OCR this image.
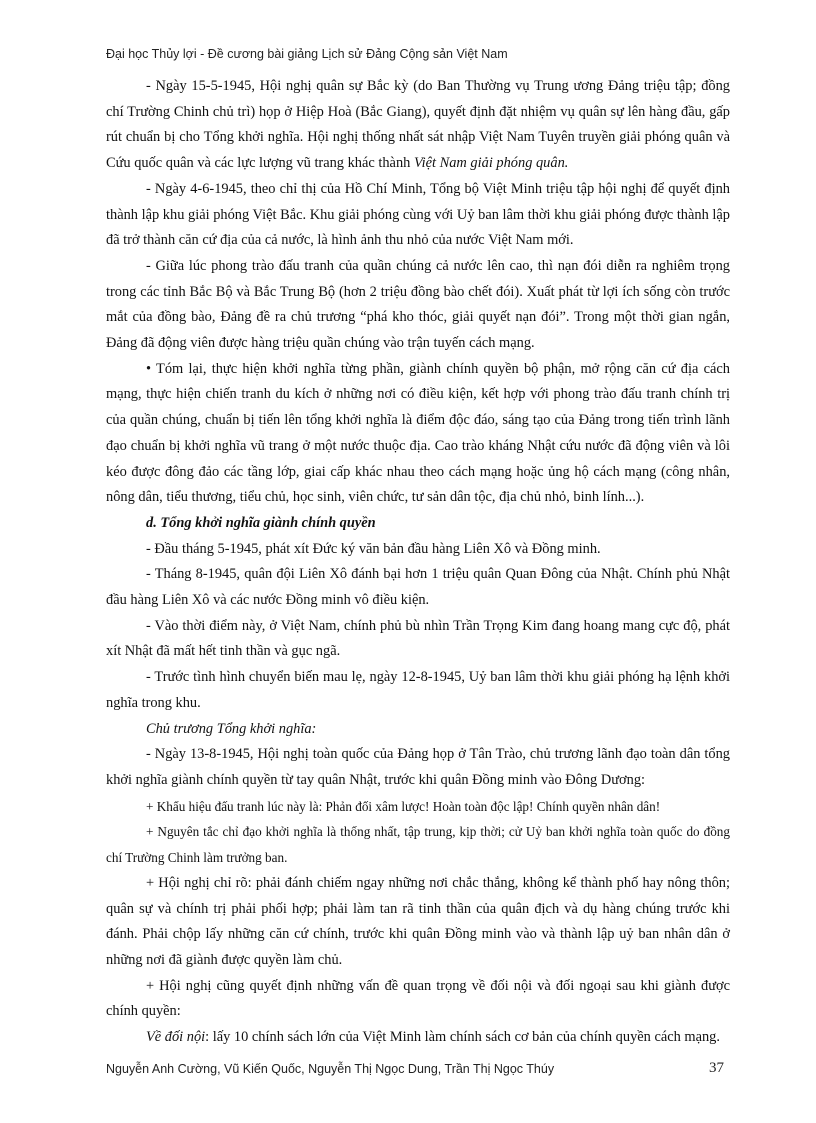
Đại học Thủy lợi - Đề cương bài giảng Lịch sử Đảng Cộng sản Việt Nam

- Ngày 15-5-1945, Hội nghị quân sự Bắc kỳ (do Ban Thường vụ Trung ương Đảng triệu tập; đồng chí Trường Chinh chủ trì) họp ở Hiệp Hoà (Bắc Giang), quyết định đặt nhiệm vụ quân sự lên hàng đầu, gấp rút chuẩn bị cho Tổng khởi nghĩa. Hội nghị thống nhất sát nhập Việt Nam Tuyên truyền giải phóng quân và Cứu quốc quân và các lực lượng vũ trang khác thành Việt Nam giải phóng quân.

- Ngày 4-6-1945, theo chỉ thị của Hồ Chí Minh, Tổng bộ Việt Minh triệu tập hội nghị để quyết định thành lập khu giải phóng Việt Bắc. Khu giải phóng cùng với Uỷ ban lâm thời khu giải phóng được thành lập đã trở thành căn cứ địa của cả nước, là hình ảnh thu nhỏ của nước Việt Nam mới.

- Giữa lúc phong trào đấu tranh của quần chúng cả nước lên cao, thì nạn đói diễn ra nghiêm trọng trong các tỉnh Bắc Bộ và Bắc Trung Bộ (hơn 2 triệu đồng bào chết đói). Xuất phát từ lợi ích sống còn trước mắt của đồng bào, Đảng đề ra chủ trương “phá kho thóc, giải quyết nạn đói”. Trong một thời gian ngắn, Đảng đã động viên được hàng triệu quần chúng vào trận tuyến cách mạng.

• Tóm lại, thực hiện khởi nghĩa từng phần, giành chính quyền bộ phận, mở rộng căn cứ địa cách mạng, thực hiện chiến tranh du kích ở những nơi có điều kiện, kết hợp với phong trào đấu tranh chính trị của quần chúng, chuẩn bị tiến lên tổng khởi nghĩa là điểm độc đáo, sáng tạo của Đảng trong tiến trình lãnh đạo chuẩn bị khởi nghĩa vũ trang ở một nước thuộc địa. Cao trào kháng Nhật cứu nước đã động viên và lôi kéo được đông đảo các tầng lớp, giai cấp khác nhau theo cách mạng hoặc ủng hộ cách mạng (công nhân, nông dân, tiểu thương, tiểu chủ, học sinh, viên chức, tư sản dân tộc, địa chủ nhỏ, binh lính...).

d. Tổng khởi nghĩa giành chính quyền

- Đầu tháng 5-1945, phát xít Đức ký văn bản đầu hàng Liên Xô và Đồng minh.

- Tháng 8-1945, quân đội Liên Xô đánh bại hơn 1 triệu quân Quan Đông của Nhật. Chính phủ Nhật đầu hàng Liên Xô và các nước Đồng minh vô điều kiện.

- Vào thời điểm này, ở Việt Nam, chính phủ bù nhìn Trần Trọng Kim đang hoang mang cực độ, phát xít Nhật đã mất hết tinh thần và gục ngã.

- Trước tình hình chuyển biến mau lẹ, ngày 12-8-1945, Uỷ ban lâm thời khu giải phóng hạ lệnh khởi nghĩa trong khu.

Chủ trương Tổng khởi nghĩa:

- Ngày 13-8-1945, Hội nghị toàn quốc của Đảng họp ở Tân Trào, chủ trương lãnh đạo toàn dân tổng khởi nghĩa giành chính quyền từ tay quân Nhật, trước khi quân Đồng minh vào Đông Dương:

+ Khẩu hiệu đấu tranh lúc này là: Phản đối xâm lược! Hoàn toàn độc lập! Chính quyền nhân dân!

+ Nguyên tắc chỉ đạo khởi nghĩa là thống nhất, tập trung, kịp thời; cử Uỷ ban khởi nghĩa toàn quốc do đồng chí Trường Chinh làm trưởng ban.

+ Hội nghị chỉ rõ: phải đánh chiếm ngay những nơi chắc thắng, không kể thành phố hay nông thôn; quân sự và chính trị phải phối hợp; phải làm tan rã tinh thần của quân địch và dụ hàng chúng trước khi đánh. Phải chộp lấy những căn cứ chính, trước khi quân Đồng minh vào và thành lập uỷ ban nhân dân ở những nơi đã giành được quyền làm chủ.

+ Hội nghị cũng quyết định những vấn đề quan trọng về đối nội và đối ngoại sau khi giành được chính quyền:

Về đối nội: lấy 10 chính sách lớn của Việt Minh làm chính sách cơ bản của chính quyền cách mạng.

Nguyễn Anh Cường, Vũ Kiến Quốc, Nguyễn Thị Ngọc Dung, Trần Thị Ngọc Thúy	37
